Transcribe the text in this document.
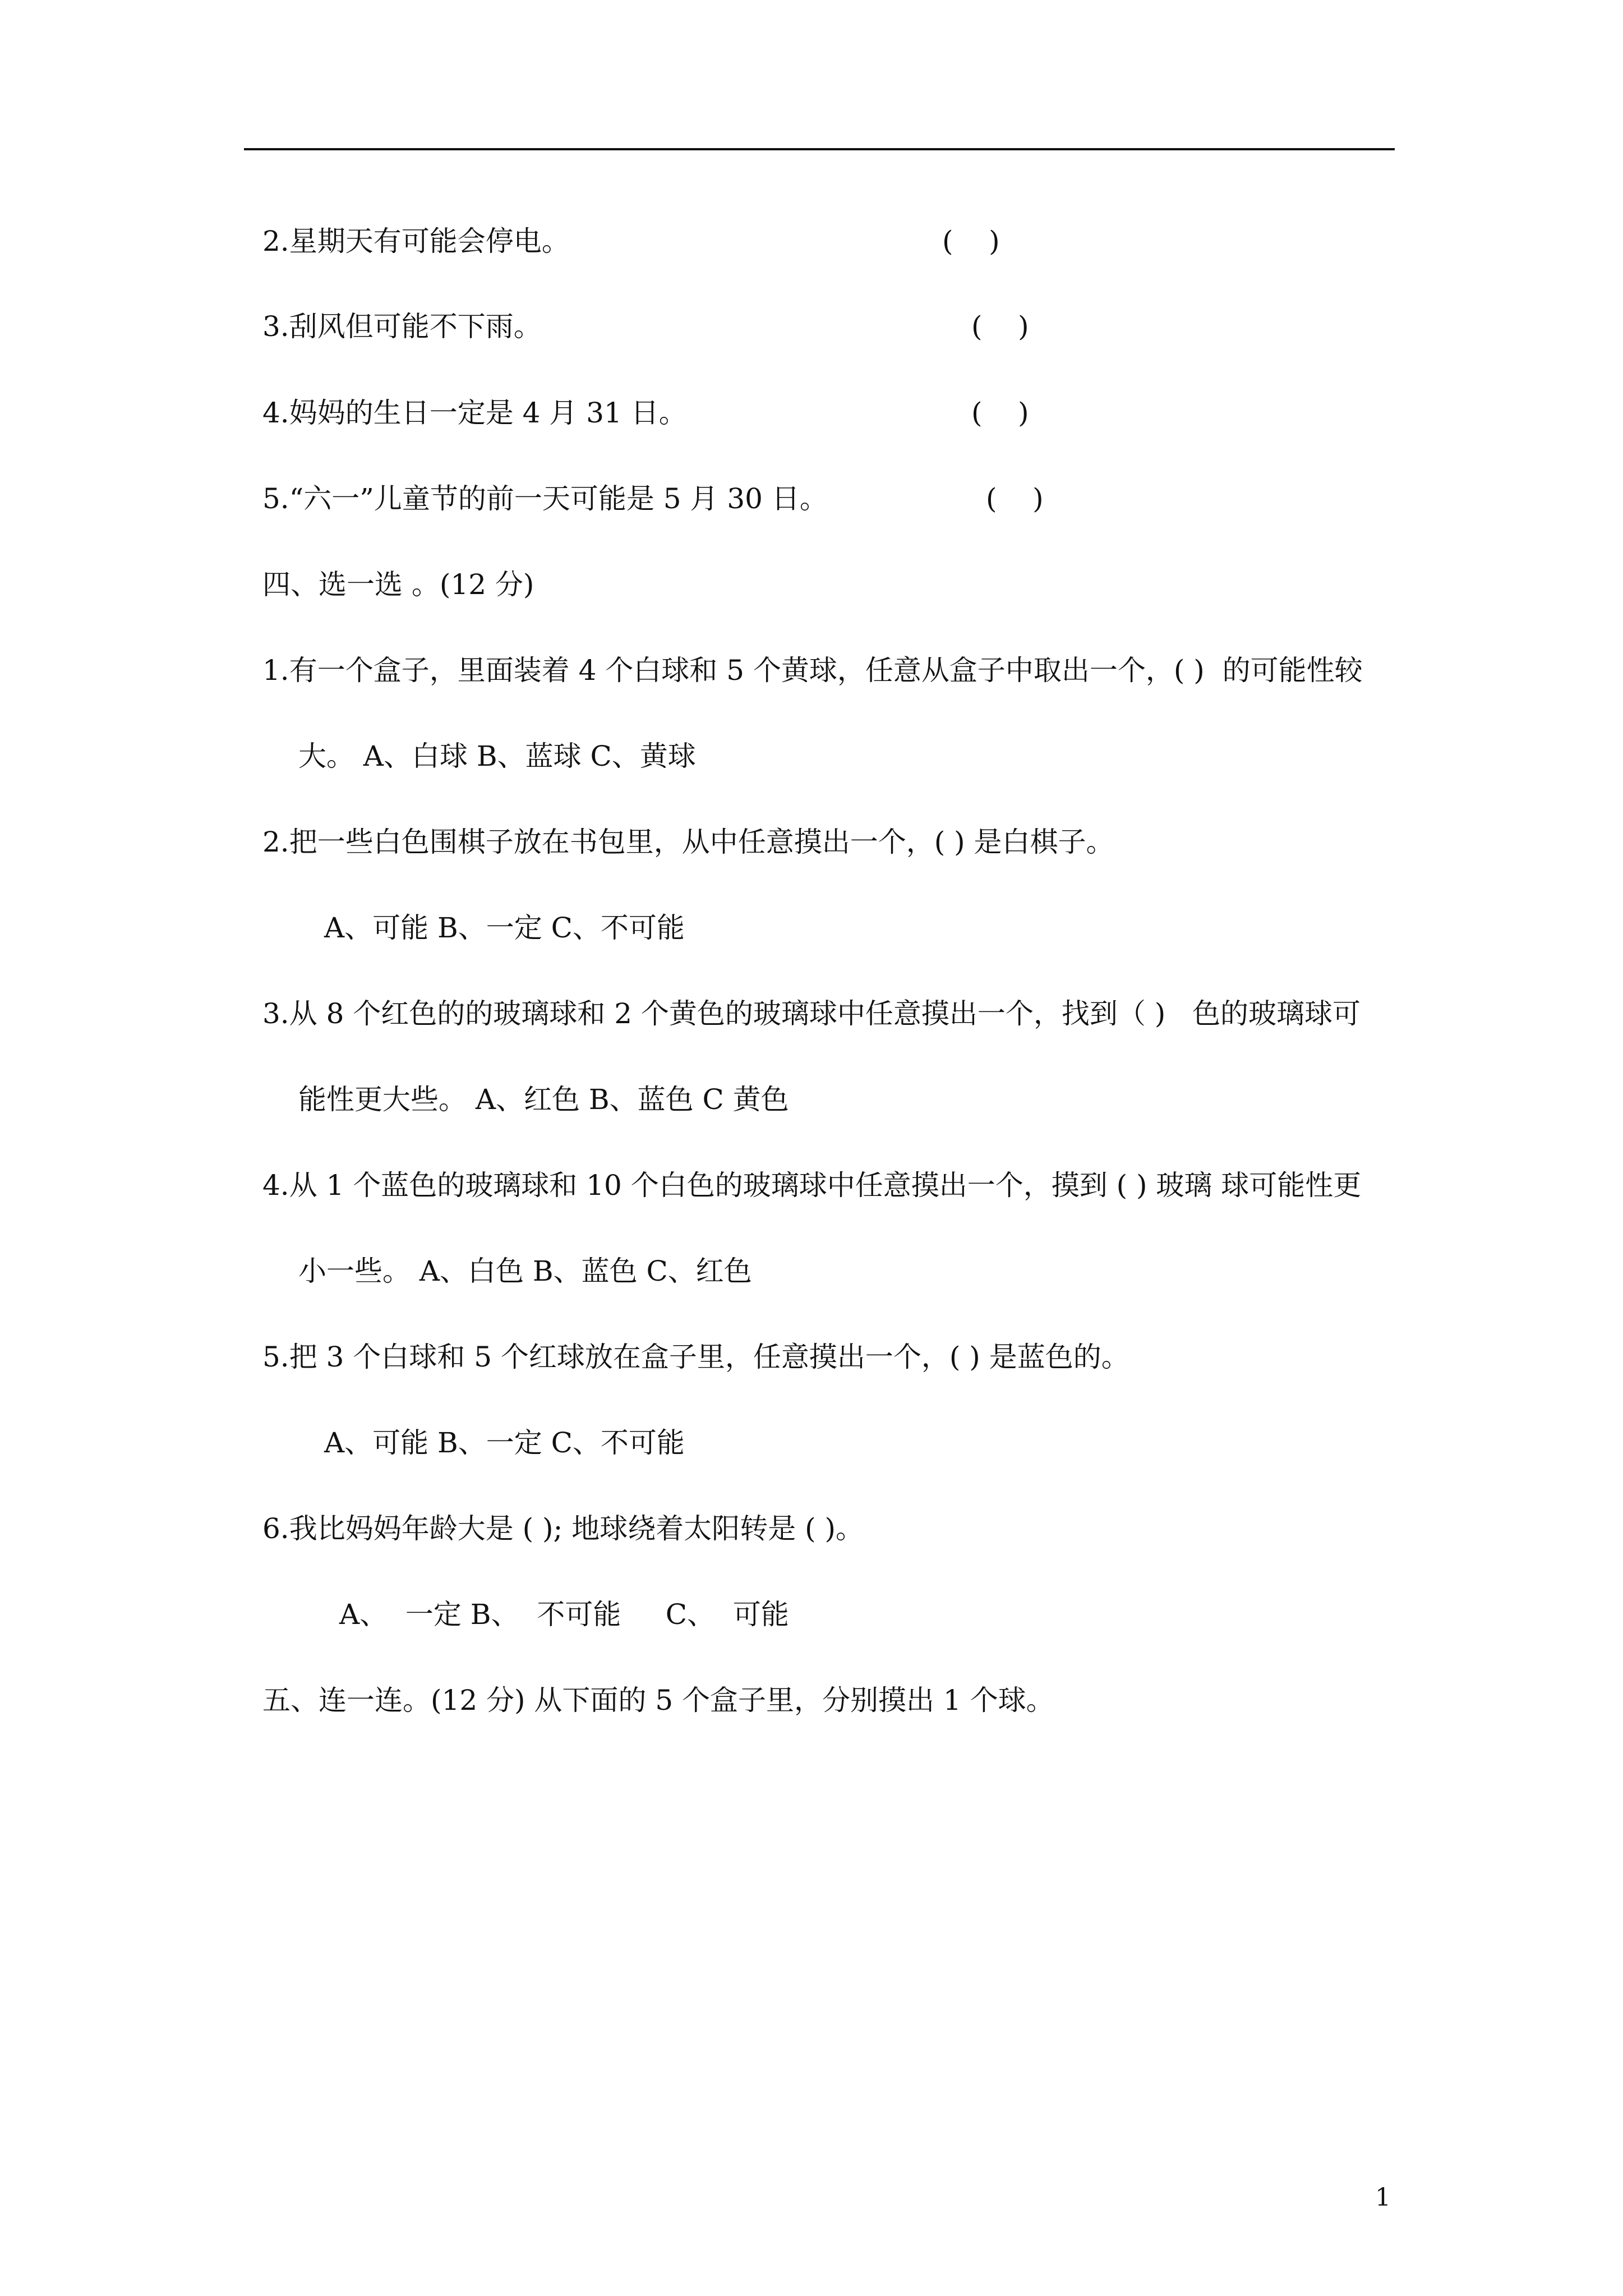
2.星期天有可能会停电。	(    )
3.刮风但可能不下雨。	(    )
4.妈妈的生日一定是 4 月 31 日。	(    )
5.“六一”儿童节的前一天可能是 5 月 30 日。	(    )
四、选一选 。(12 分)
1.有一个盒子，里面装着 4 个白球和 5 个黄球，任意从盒子中取出一个，( )  的可能性较
大。 A、白球 B、蓝球 C、黄球
2.把一些白色围棋子放在书包里，从中任意摸出一个，( ) 是白棋子。
A、可能 B、一定 C、不可能
3.从 8 个红色的的玻璃球和 2 个黄色的玻璃球中任意摸出一个，找到（ )   色的玻璃球可
能性更大些。 A、红色 B、蓝色 C 黄色
4.从 1 个蓝色的玻璃球和 10 个白色的玻璃球中任意摸出一个，摸到 ( ) 玻璃 球可能性更
小一些。 A、白色 B、蓝色 C、红色
5.把 3 个白球和 5 个红球放在盒子里，任意摸出一个，( ) 是蓝色的。
A、可能 B、一定 C、不可能
6.我比妈妈年龄大是 ( ); 地球绕着太阳转是 ( )。
A、  一定 B、  不可能     C、  可能
五、连一连。(12 分) 从下面的 5 个盒子里，分别摸出 1 个球。
1
